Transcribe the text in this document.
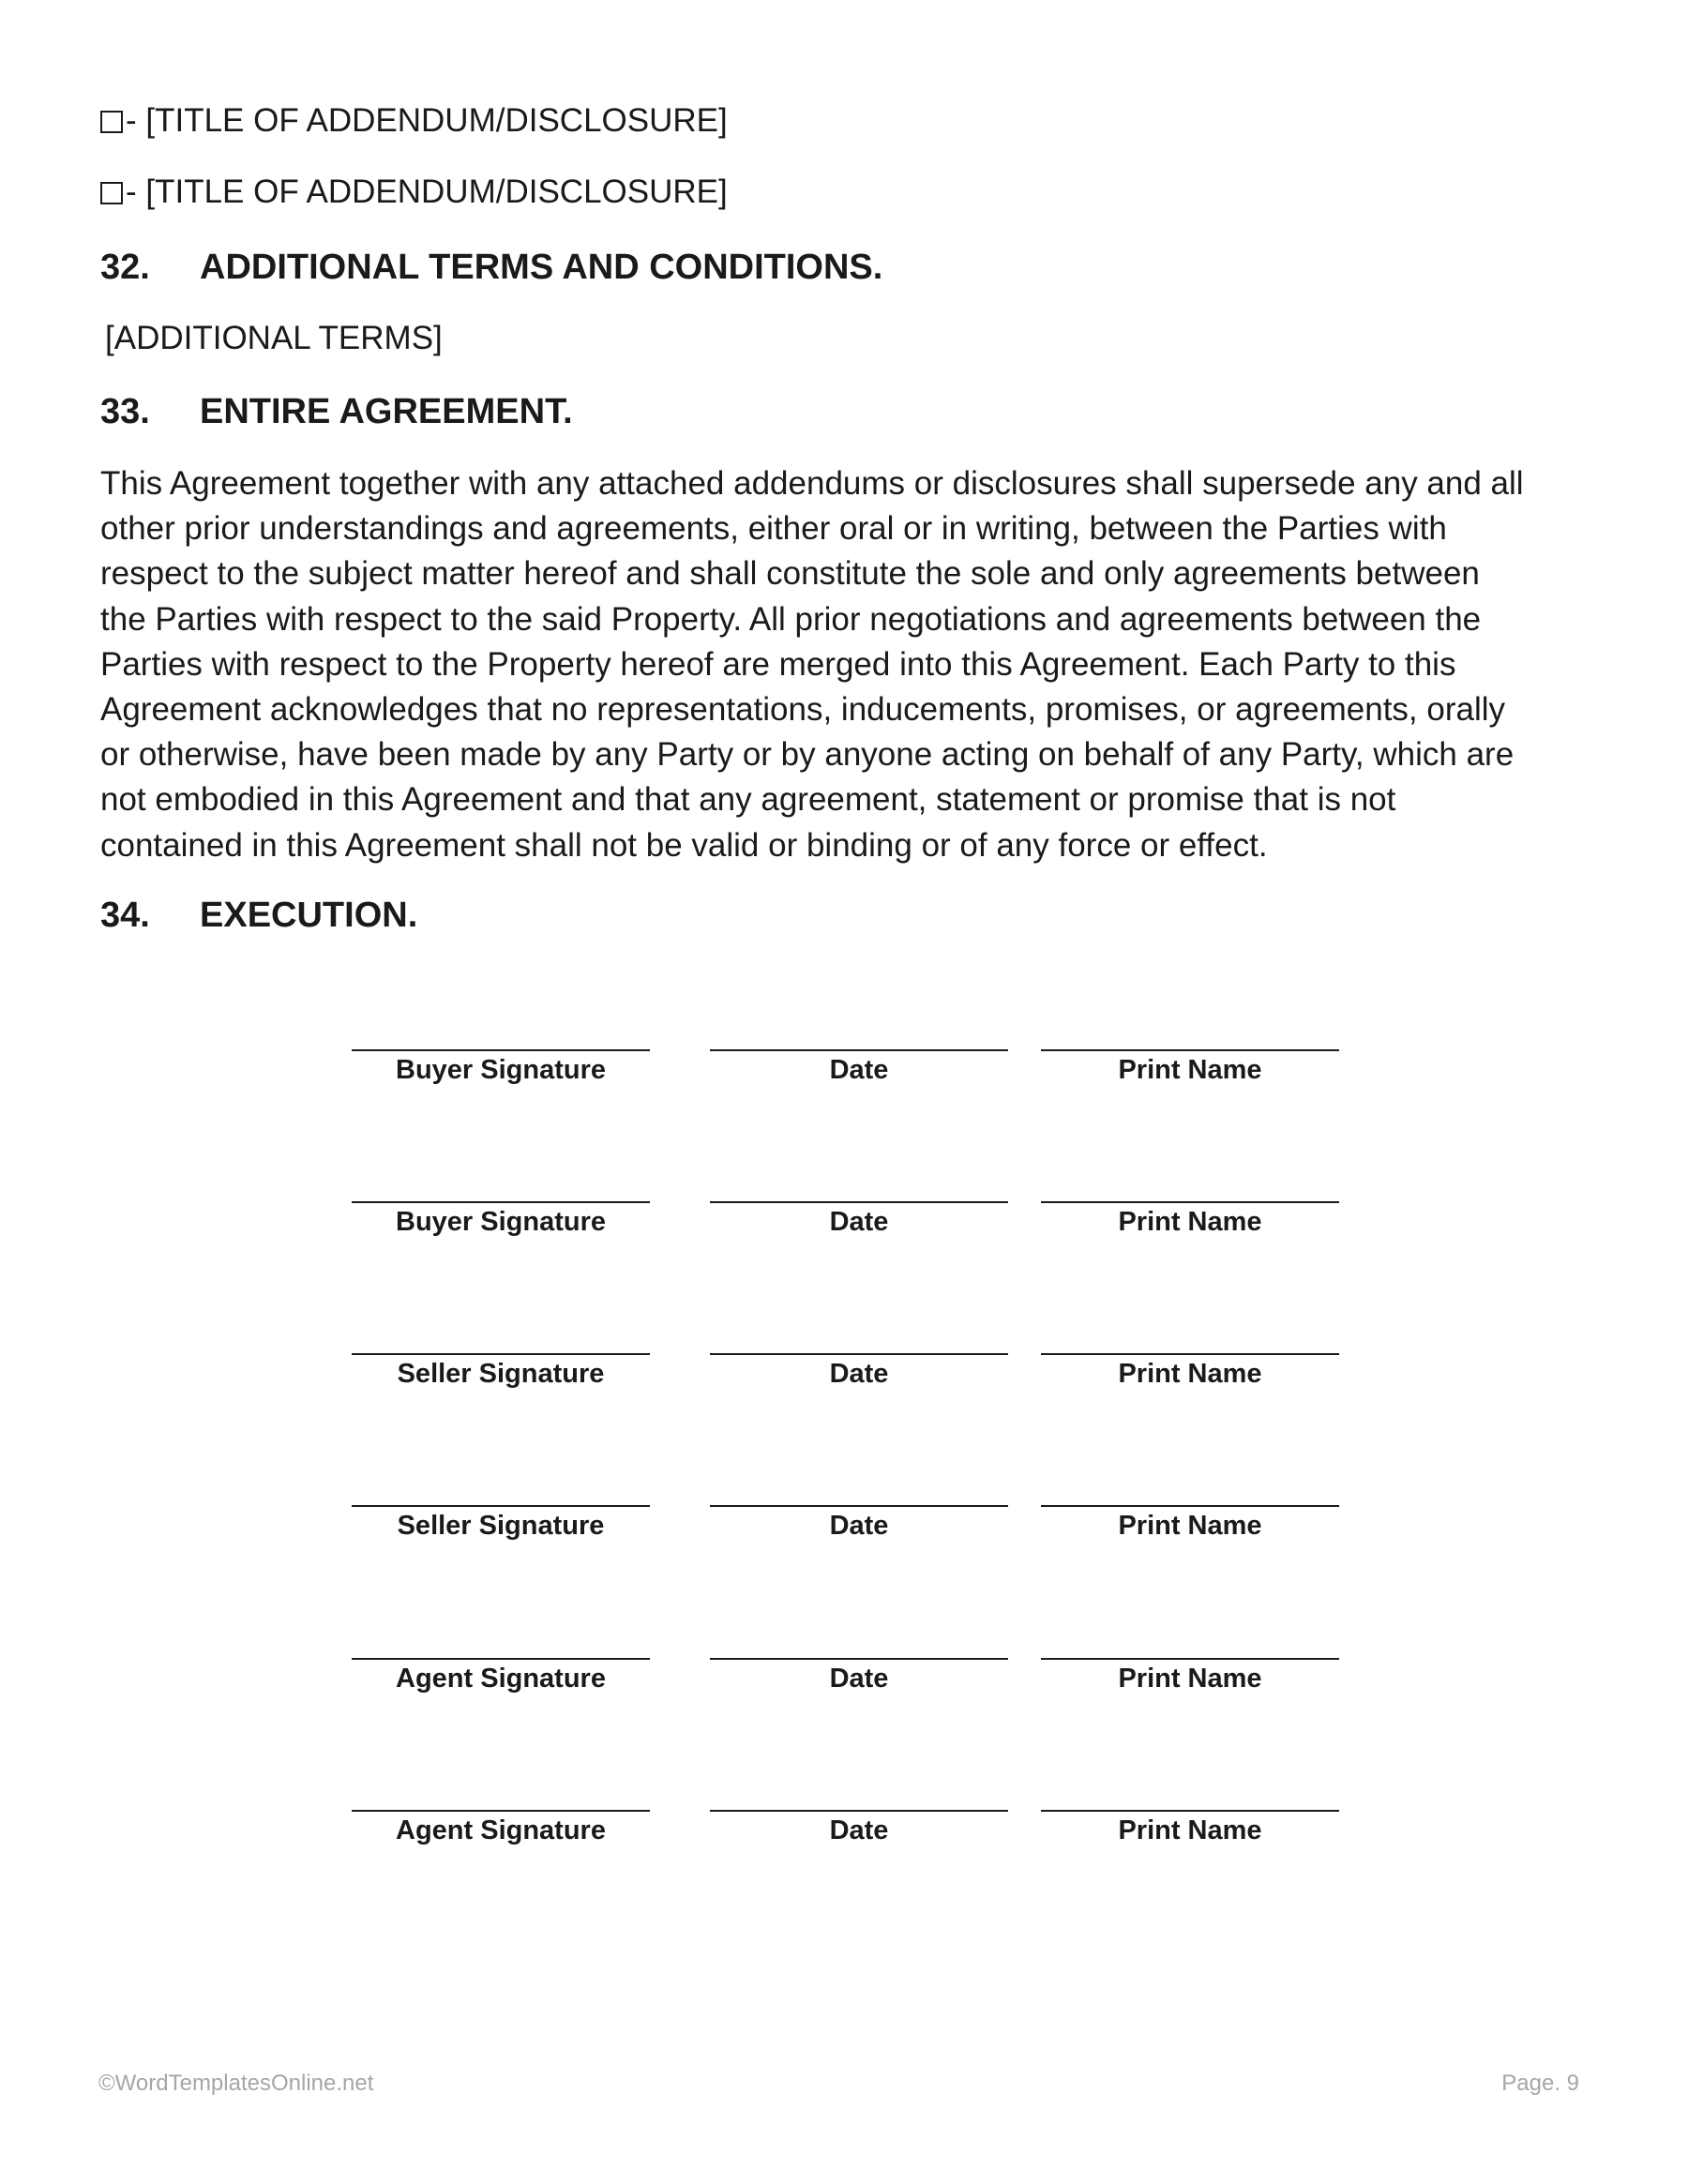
- [TITLE OF ADDENDUM/DISCLOSURE]
- [TITLE OF ADDENDUM/DISCLOSURE]
32. ADDITIONAL TERMS AND CONDITIONS.
[ADDITIONAL TERMS]
33. ENTIRE AGREEMENT.
This Agreement together with any attached addendums or disclosures shall supersede any and all
other prior understandings and agreements, either oral or in writing, between the Parties with
respect to the subject matter hereof and shall constitute the sole and only agreements between
the Parties with respect to the said Property. All prior negotiations and agreements between the
Parties with respect to the Property hereof are merged into this Agreement. Each Party to this
Agreement acknowledges that no representations, inducements, promises, or agreements, orally
or otherwise, have been made by any Party or by anyone acting on behalf of any Party, which are
not embodied in this Agreement and that any agreement, statement or promise that is not
contained in this Agreement shall not be valid or binding or of any force or effect.
34. EXECUTION.
Buyer Signature	Date	Print Name
Buyer Signature	Date	Print Name
Seller Signature	Date	Print Name
Seller Signature	Date	Print Name
Agent Signature	Date	Print Name
Agent Signature	Date	Print Name
©WordTemplatesOnline.net	Page. 9
